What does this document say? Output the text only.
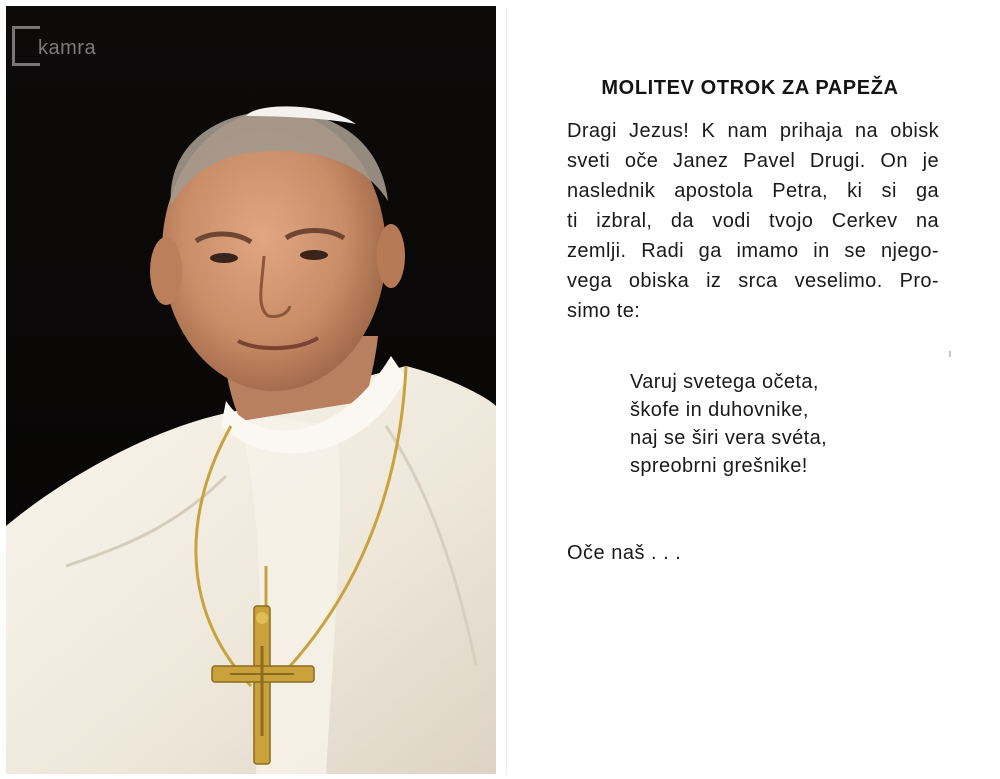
kamra
MOLITEV OTROK ZA PAPEŽA
Dragi Jezus! K nam prihaja na obisk
sveti oče Janez Pavel Drugi. On je
naslednik apostola Petra, ki si ga
ti izbral, da vodi tvojo Cerkev na
zemlji. Radi ga imamo in se njego-
vega obiska iz srca veselimo. Pro-
simo te:
Varuj svetega očeta,
škofe in duhovnike,
naj se širi vera svéta,
spreobrni grešnike!
Oče naš . . .
